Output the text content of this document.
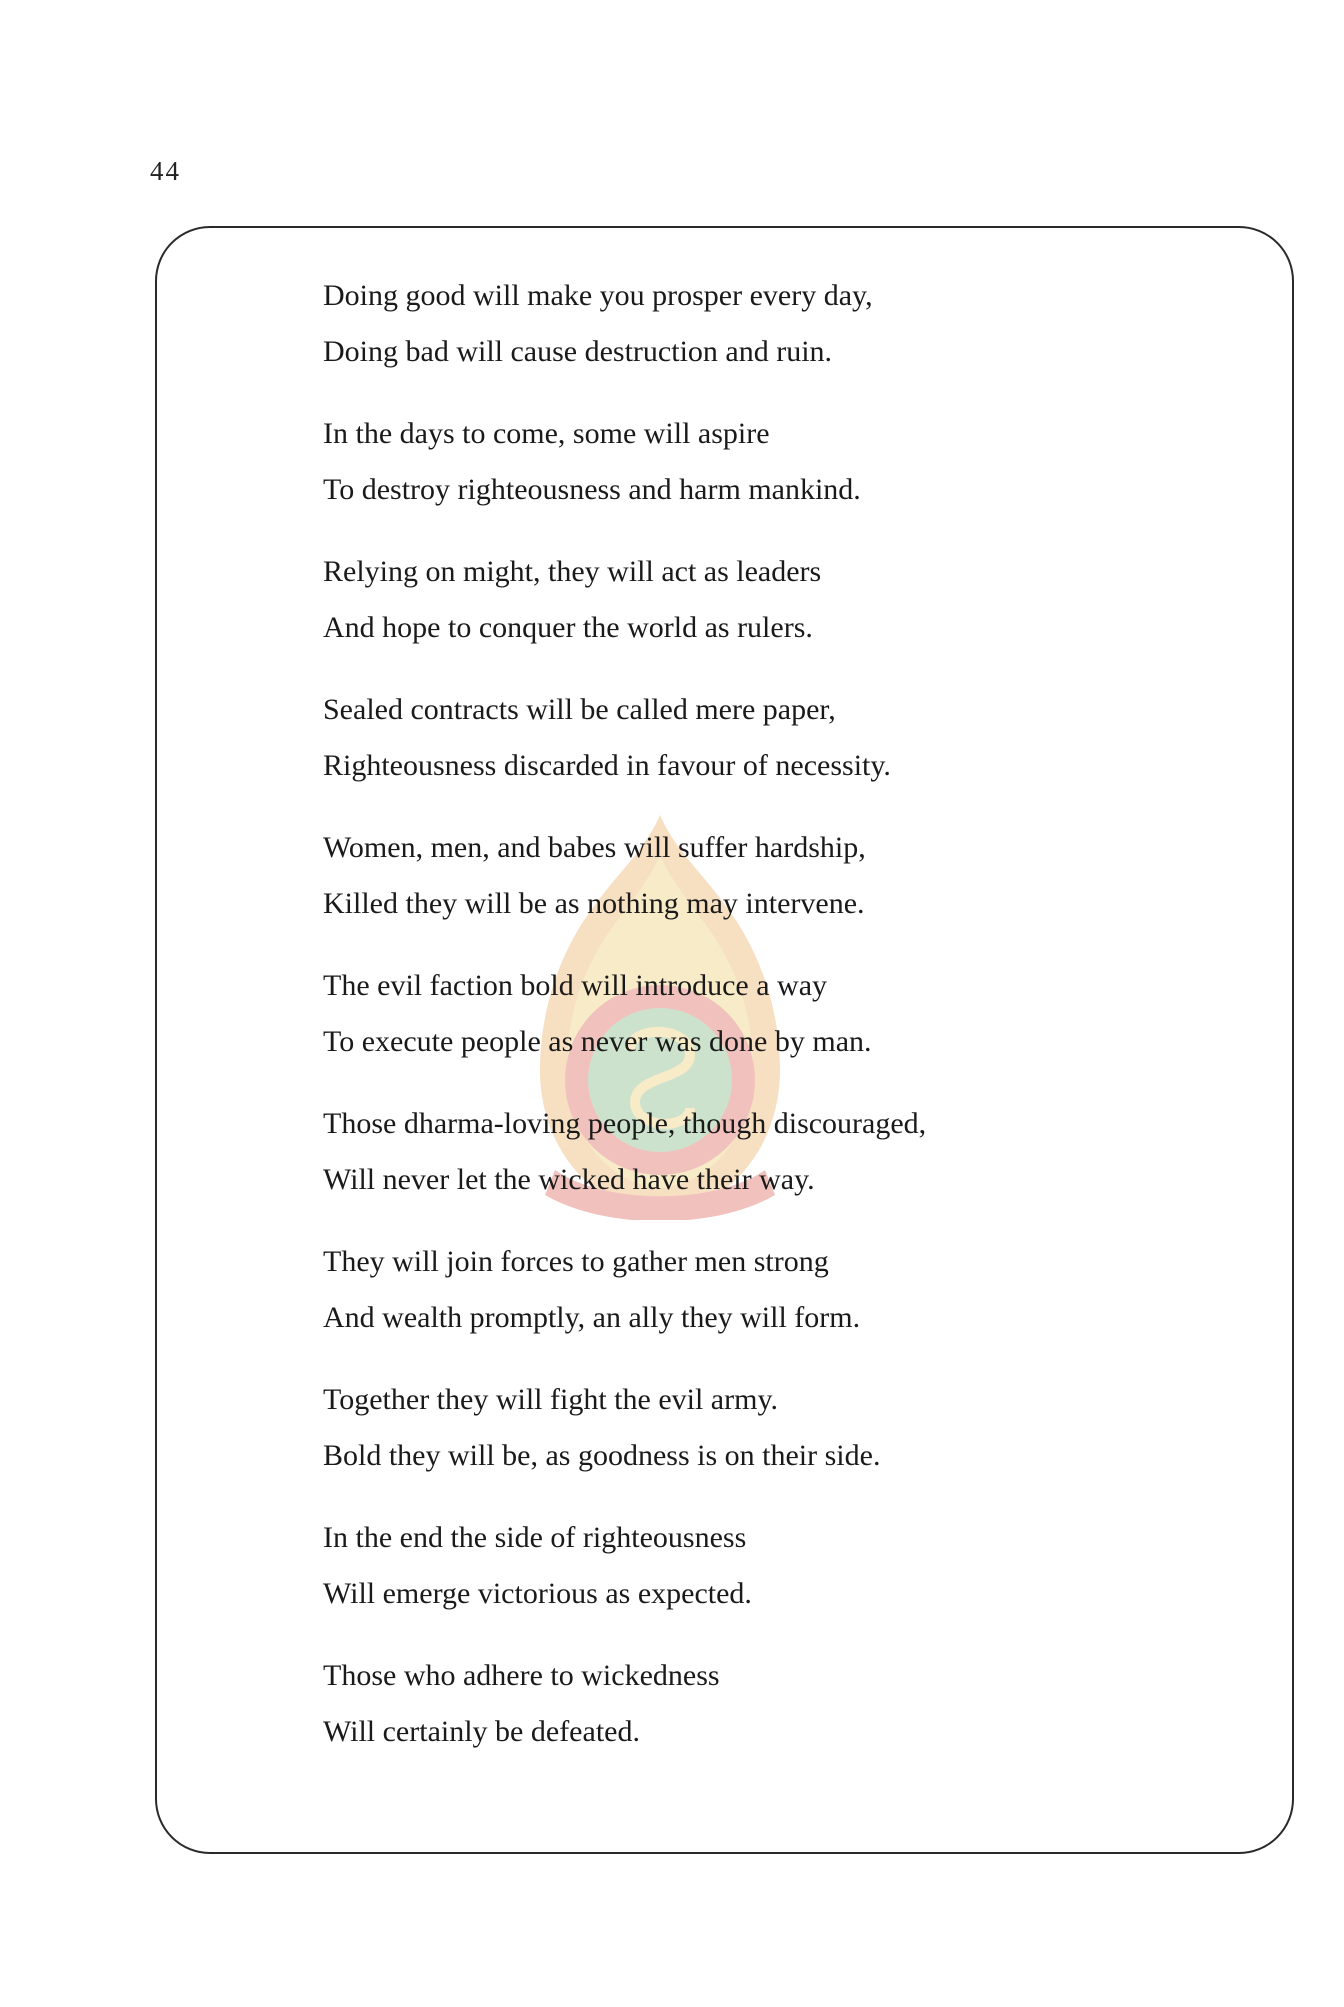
44
Doing good will make you prosper every day,
Doing bad will cause destruction and ruin.
In the days to come, some will aspire
To destroy righteousness and harm mankind.
Relying on might, they will act as leaders
And hope to conquer the world as rulers.
Sealed contracts will be called mere paper,
Righteousness discarded in favour of necessity.
Women, men, and babes will suffer hardship,
Killed they will be as nothing may intervene.
The evil faction bold will introduce a way
To execute people as never was done by man.
Those dharma-loving people, though discouraged,
Will never let the wicked have their way.
They will join forces to gather men strong
And wealth promptly, an ally they will form.
Together they will fight the evil army.
Bold they will be, as goodness is on their side.
In the end the side of righteousness
Will emerge victorious as expected.
Those who adhere to wickedness
Will certainly be defeated.
